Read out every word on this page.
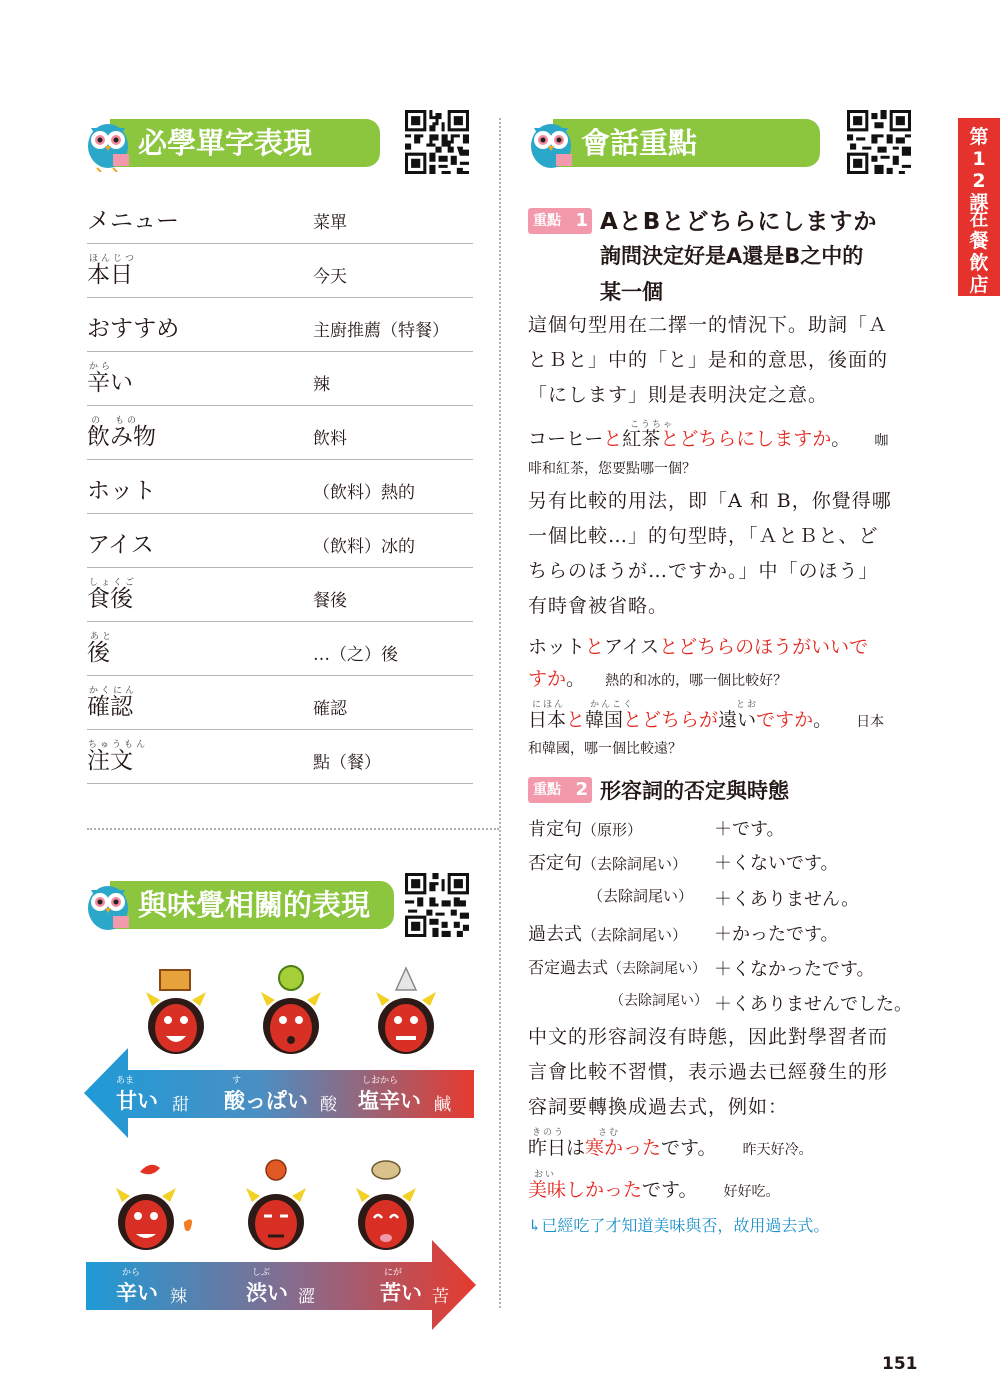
第12課
在餐飲店
必學單字表現
メニュー	菜單
ほんじつ
本日	今天
おすすめ	主廚推薦（特餐）
から
辛い	辣
の　もの
飲み物	飲料
ホット	（飲料）熱的
アイス	（飲料）冰的
しょくご
食後	餐後
あと
後	…（之）後
かくにん
確認	確認
ちゅうもん
注文	點（餐）
與味覺相關的表現
あま
甘い 甜
す
酸っぱい 酸
しおから
塩辛い 鹹
から
辛い 辣
しぶ
渋い 澀
にが
苦い 苦
會話重點
重點 1 AとBとどちらにしますか
詢問決定好是A還是B之中的
某一個
這個句型用在二擇一的情況下。助詞「Ａ
とＢと」中的「と」是和的意思，後面的
「にします」則是表明決定之意。
こうちゃ
コーヒーと紅茶とどちらにしますか。 咖
啡和紅茶，您要點哪一個？
另有比較的用法，即「A 和 B，你覺得哪
一個比較…」的句型時，「ＡとＢと、ど
ちらのほうが…ですか。」中「のほう」
有時會被省略。
ホットとアイスとどちらのほうがいいで
すか。 熱的和冰的，哪一個比較好？
にほん	かんこく	とお
日本と韓国とどちらが遠いですか。 日本
和韓國，哪一個比較遠？
重點 2 形容詞的否定與時態
肯定句（原形）	＋です。
否定句（去除詞尾い） ＋くないです。
（去除詞尾い） ＋くありません。
過去式（去除詞尾い） ＋かったです。
否定過去式（去除詞尾い） ＋くなかったです。
（去除詞尾い） ＋くありませんでした。
中文的形容詞沒有時態，因此對學習者而
言會比較不習慣，表示過去已經發生的形
容詞要轉換成過去式，例如：
きのう	さむ
昨日は寒かったです。 昨天好冷。
おい
美味しかったです。 好好吃。
↳已經吃了才知道美味與否，故用過去式。
151
